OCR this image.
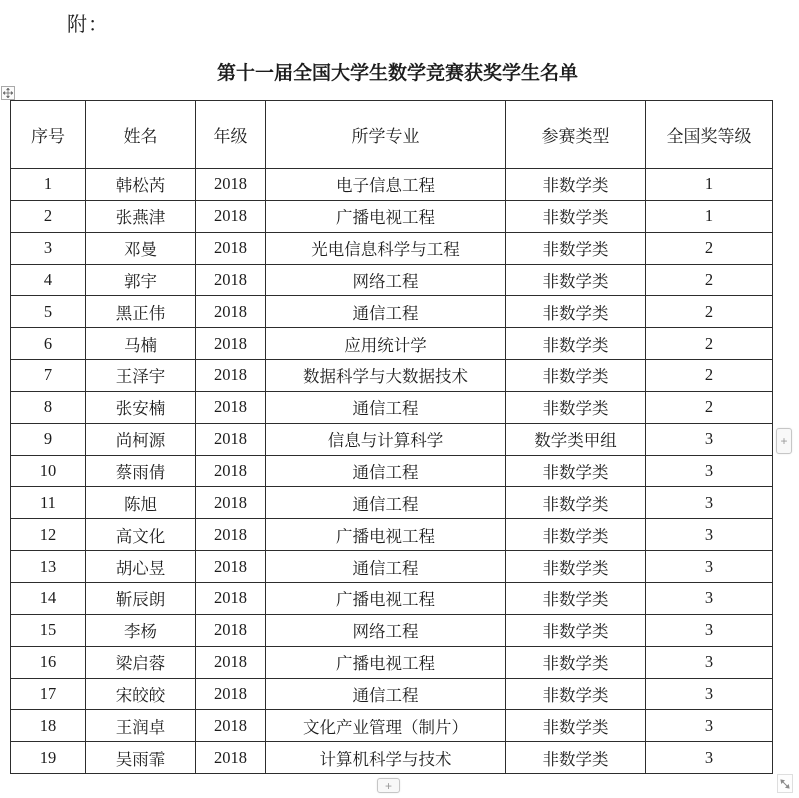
附：
第十一届全国大学生数学竞赛获奖学生名单
序号	姓名	年级	所学专业	参赛类型	全国奖等级
1	韩松芮	2018	电子信息工程	非数学类	1
2	张燕津	2018	广播电视工程	非数学类	1
3	邓曼	2018	光电信息科学与工程	非数学类	2
4	郭宇	2018	网络工程	非数学类	2
5	黑正伟	2018	通信工程	非数学类	2
6	马楠	2018	应用统计学	非数学类	2
7	王泽宇	2018	数据科学与大数据技术	非数学类	2
8	张安楠	2018	通信工程	非数学类	2
9	尚柯源	2018	信息与计算科学	数学类甲组	3
10	蔡雨倩	2018	通信工程	非数学类	3
11	陈旭	2018	通信工程	非数学类	3
12	高文化	2018	广播电视工程	非数学类	3
13	胡心昱	2018	通信工程	非数学类	3
14	靳辰朗	2018	广播电视工程	非数学类	3
15	李杨	2018	网络工程	非数学类	3
16	梁启蓉	2018	广播电视工程	非数学类	3
17	宋皎皎	2018	通信工程	非数学类	3
18	王润卓	2018	文化产业管理（制片）	非数学类	3
19	吴雨霏	2018	计算机科学与技术	非数学类	3
+
+
